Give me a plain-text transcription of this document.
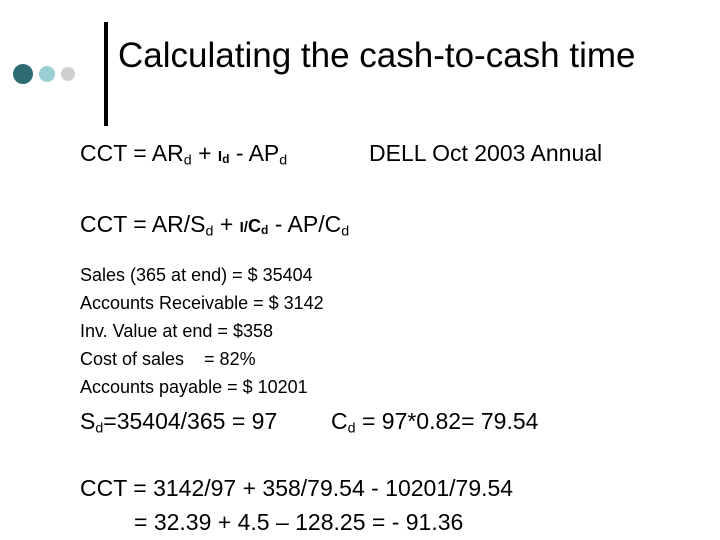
Calculating the cash-to-cash time
CCT = $AR_d + Id - AP_d$	DELL Oct 2003 Annual
CCT = $AR/S_d + I/Cd - AP/C_d$
Sales (365 at end) = $ 35404
Accounts Receivable = $ 3142
Inv. Value at end = $358
Cost of sales    = 82%
Accounts payable = $ 10201
$S_d=35404/365 = 97$ $C_d = 97*0.82= 79.54$
CCT = 3142/97 + 358/79.54 - 10201/79.54
= 32.39 + 4.5 – 128.25 = - 91.36
